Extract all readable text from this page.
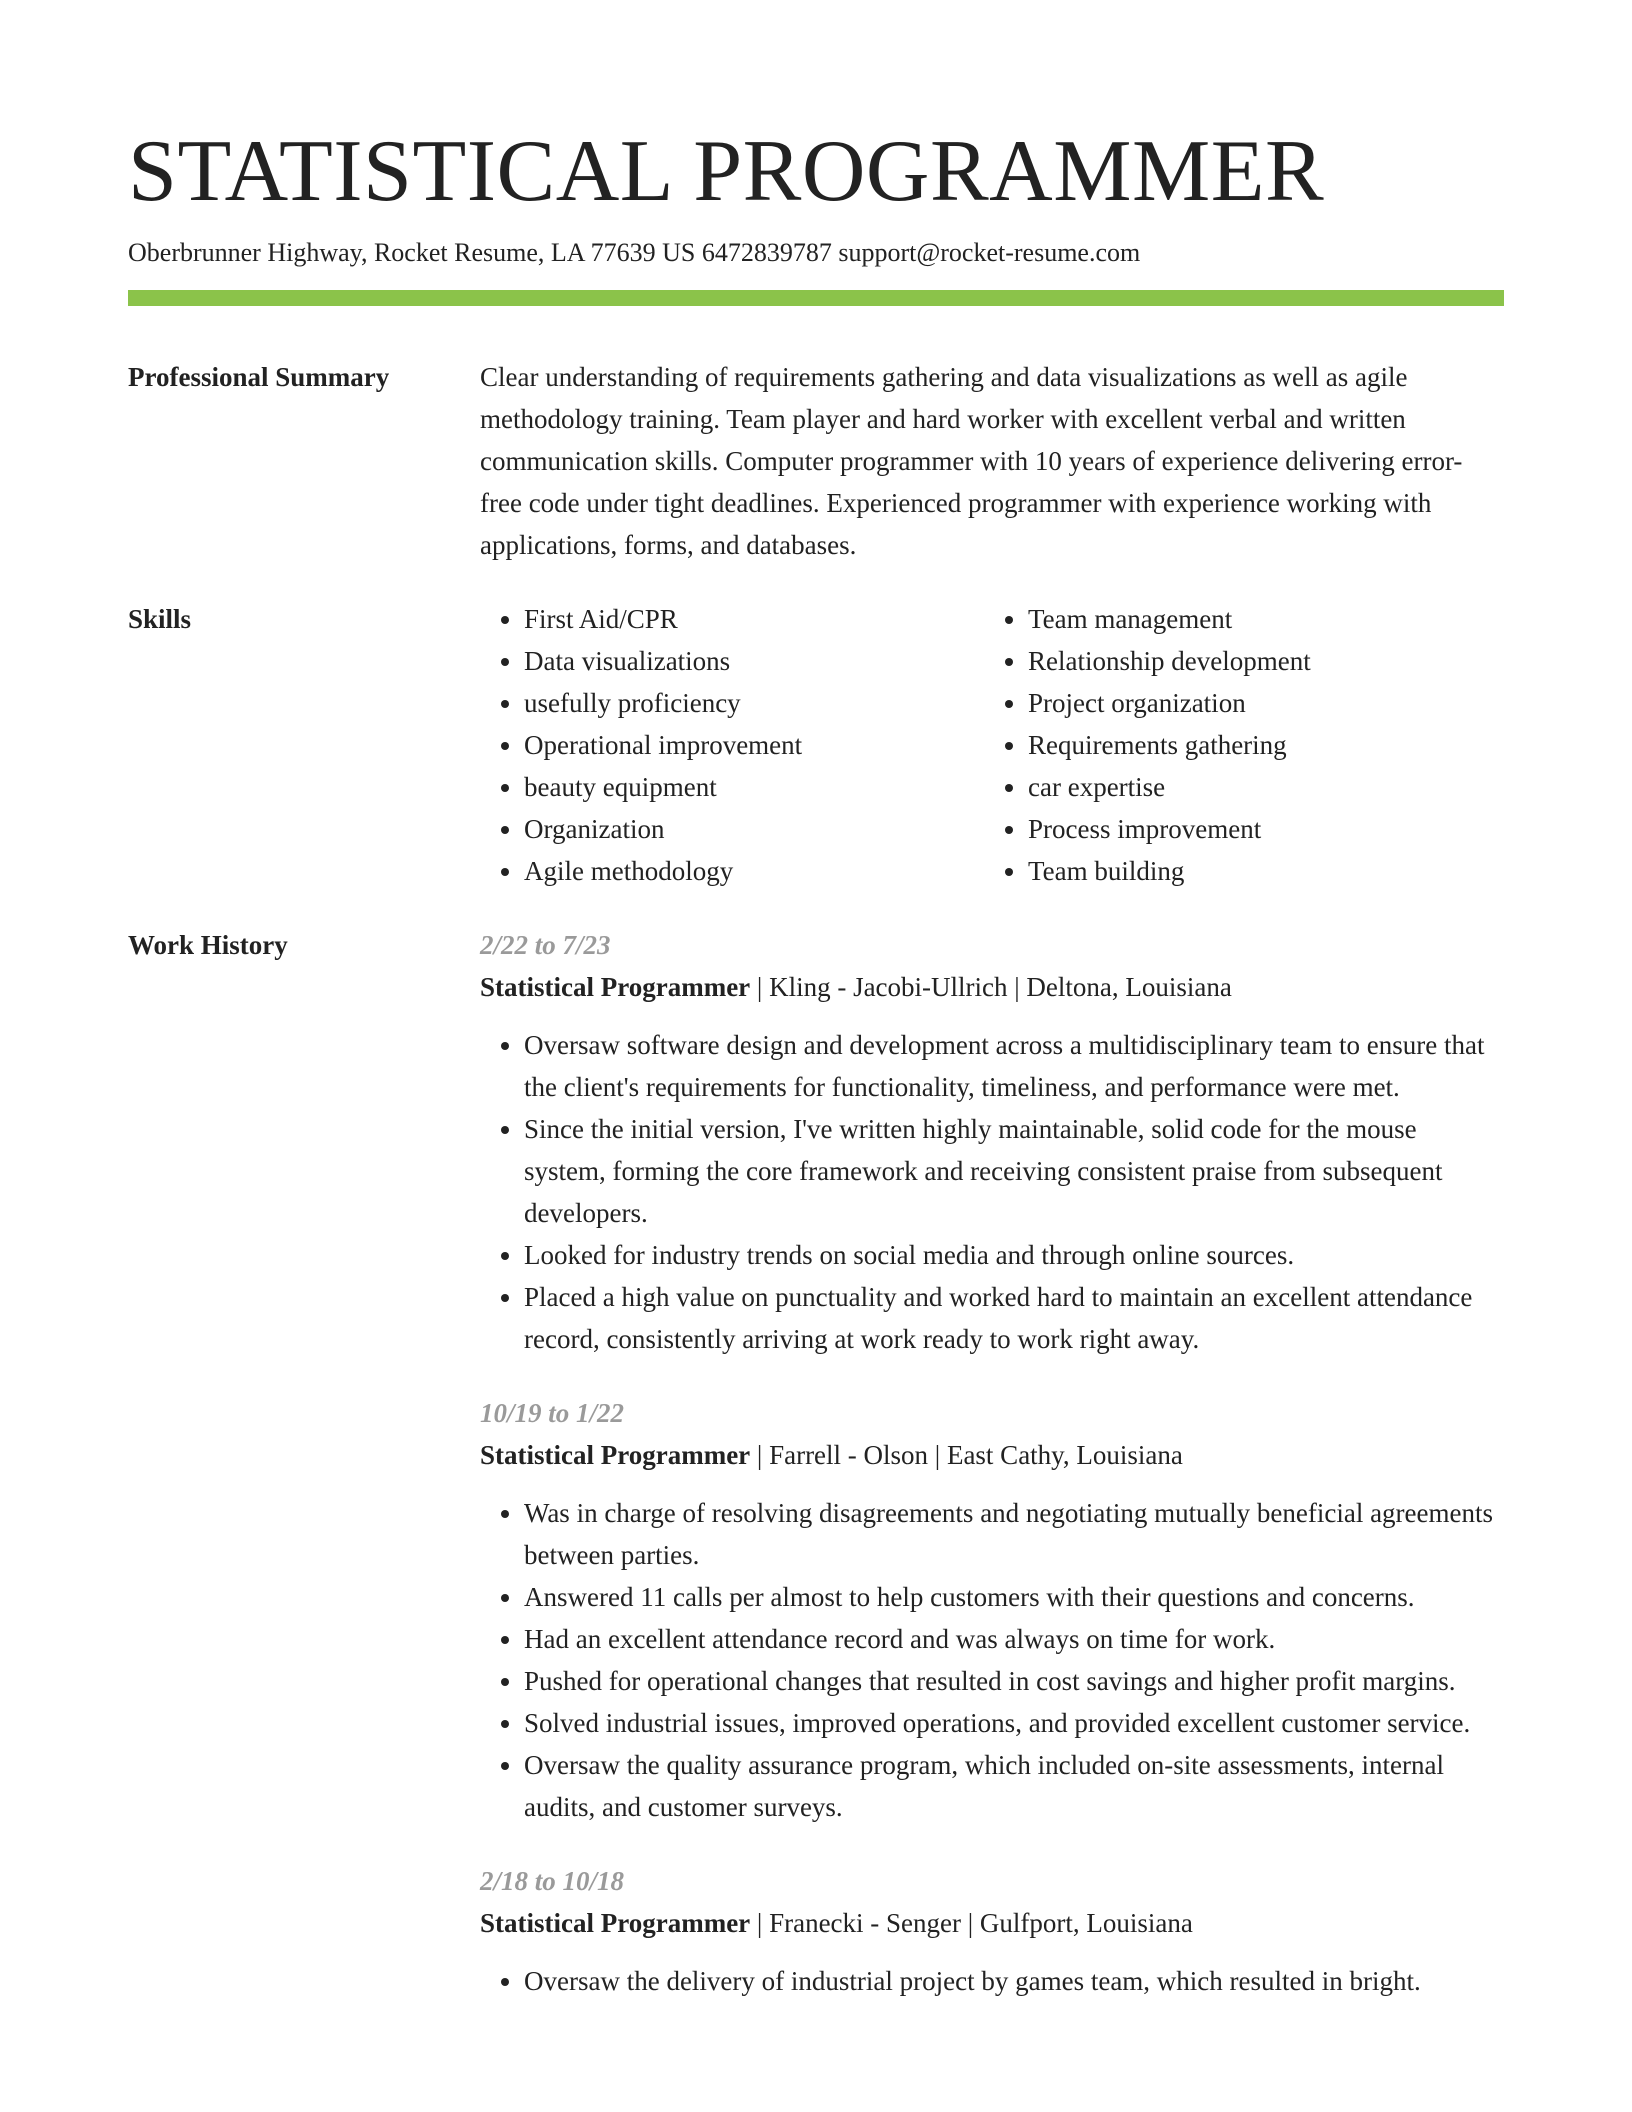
STATISTICAL PROGRAMMER
Oberbrunner Highway, Rocket Resume, LA 77639 US 6472839787 support@rocket-resume.com
Professional Summary	Clear understanding of requirements gathering and data visualizations as well as agile methodology training. Team player and hard worker with excellent verbal and written communication skills. Computer programmer with 10 years of experience delivering error-free code under tight deadlines. Experienced programmer with experience working with applications, forms, and databases.

Skills
•	First Aid/CPR
• Data visualizations
• usefully proficiency
• Operational improvement
• beauty equipment
• Organization
• Agile methodology
• Team management
• Relationship development
• Project organization
• Requirements gathering
• car expertise
• Process improvement
• Team building
Work History	2/22 to 7/23
Statistical Programmer | Kling - Jacobi-Ullrich | Deltona, Louisiana
• Oversaw software design and development across a multidisciplinary team to ensure that the client's requirements for functionality, timeliness, and performance were met.
• Since the initial version, I've written highly maintainable, solid code for the mouse system, forming the core framework and receiving consistent praise from subsequent developers.
• Looked for industry trends on social media and through online sources.
• Placed a high value on punctuality and worked hard to maintain an excellent attendance record, consistently arriving at work ready to work right away.
10/19 to 1/22
Statistical Programmer | Farrell - Olson | East Cathy, Louisiana
• Was in charge of resolving disagreements and negotiating mutually beneficial agreements between parties.
• Answered 11 calls per almost to help customers with their questions and concerns.
• Had an excellent attendance record and was always on time for work.
• Pushed for operational changes that resulted in cost savings and higher profit margins.
• Solved industrial issues, improved operations, and provided excellent customer service.
• Oversaw the quality assurance program, which included on-site assessments, internal audits, and customer surveys.
2/18 to 10/18
Statistical Programmer | Franecki - Senger | Gulfport, Louisiana
• Oversaw the delivery of industrial project by games team, which resulted in bright.
